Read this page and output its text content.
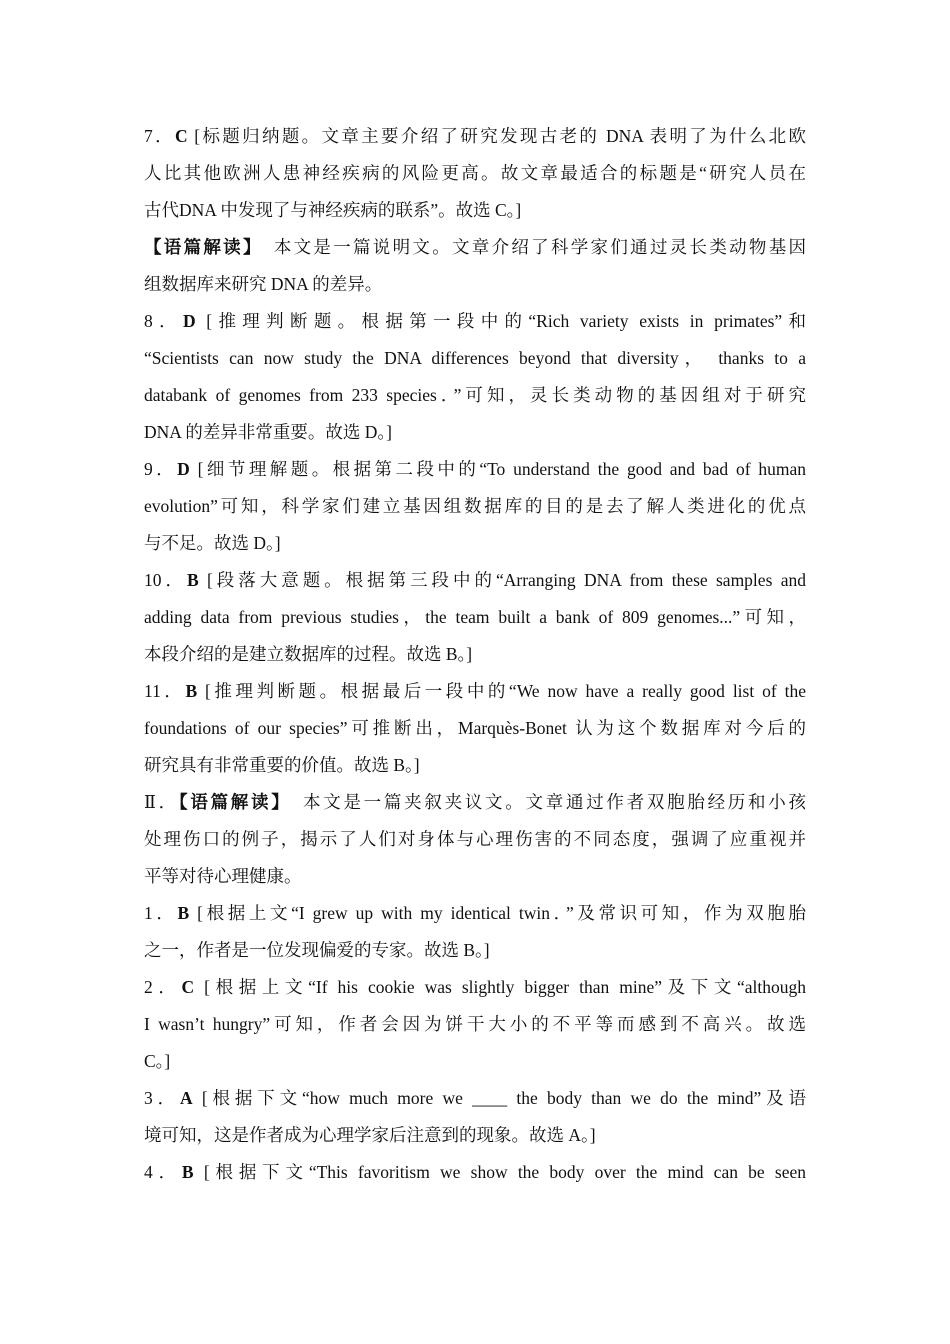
7．C [标题归纳题。文章主要介绍了研究发现古老的 DNA 表明了为什么北欧
人比其他欧洲人患神经疾病的风险更高。故文章最适合的标题是“研究人员在
古代DNA 中发现了与神经疾病的联系”。故选 C。]
【语篇解读】　本文是一篇说明文。文章介绍了科学家们通过灵长类动物基因
组数据库来研究 DNA 的差异。
8．D [推理判断题。根据第一段中的“Rich variety exists in primates”和
“Scientists can now study the DNA differences beyond that diversity， thanks to a
databank of genomes from 233 species．”可知，灵长类动物的基因组对于研究
DNA 的差异非常重要。故选 D。]
9．D [细节理解题。根据第二段中的“To understand the good and bad of human
evolution”可知，科学家们建立基因组数据库的目的是去了解人类进化的优点
与不足。故选 D。]
10．B [段落大意题。根据第三段中的“Arranging DNA from these samples and
adding data from previous studies，the team built a bank of 809 genomes...”可知，
本段介绍的是建立数据库的过程。故选 B。]
11．B [推理判断题。根据最后一段中的“We now have a really good list of the
foundations of our species”可推断出，Marquès-Bonet 认为这个数据库对今后的
研究具有非常重要的价值。故选 B。]
Ⅱ．【语篇解读】　本文是一篇夹叙夹议文。文章通过作者双胞胎经历和小孩
处理伤口的例子，揭示了人们对身体与心理伤害的不同态度，强调了应重视并
平等对待心理健康。
1．B [根据上文“I grew up with my identical twin．”及常识可知，作为双胞胎
之一，作者是一位发现偏爱的专家。故选 B。]
2．C [根据上文“If his cookie was slightly bigger than mine”及下文“although
I wasn’t hungry”可知，作者会因为饼干大小的不平等而感到不高兴。故选
C。]
3．A [根据下文“how much more we ____ the body than we do the mind”及语
境可知，这是作者成为心理学家后注意到的现象。故选 A。]
4．B [根据下文“This favoritism we show the body over the mind can be seen
